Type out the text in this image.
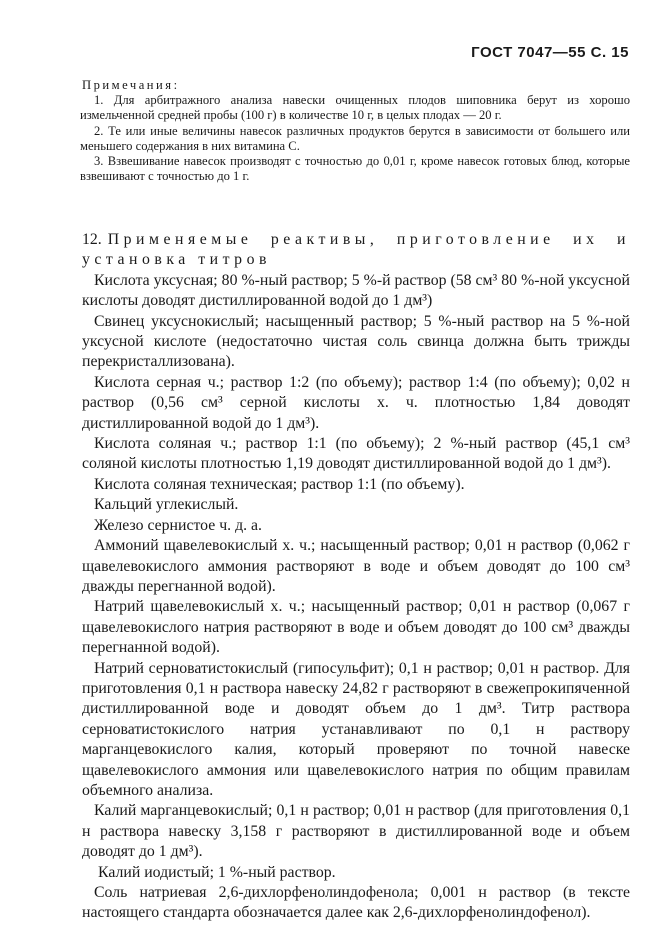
ГОСТ 7047—55 С. 15

Примечания:

1. Для арбитражного анализа навески очищенных плодов шиповника берут из хорошо измельченной средней пробы (100 г) в количестве 10 г, в целых плодах — 20 г.

2. Те или иные величины навесок различных продуктов берутся в зависимости от большего или меньшего содержания в них витамина С.

3. Взвешивание навесок производят с точностью до 0,01 г, кроме навесок готовых блюд, которые взвешивают с точностью до 1 г.

12. Применяемые реактивы, приготовление их и установка титров

Кислота уксусная; 80 %-ный раствор; 5 %-й раствор (58 см³ 80 %-ной уксусной кислоты доводят дистиллированной водой до 1 дм³)

Свинец уксуснокислый; насыщенный раствор; 5 %-ный раствор на 5 %-ной уксусной кислоте (недостаточно чистая соль свинца должна быть трижды перекристаллизована).

Кислота серная ч.; раствор 1:2 (по объему); раствор 1:4 (по объему); 0,02 н раствор (0,56 см³ серной кислоты х. ч. плотностью 1,84 доводят дистиллированной водой до 1 дм³).

Кислота соляная ч.; раствор 1:1 (по объему); 2 %-ный раствор (45,1 см³ соляной кислоты плотностью 1,19 доводят дистиллированной водой до 1 дм³).

Кислота соляная техническая; раствор 1:1 (по объему).

Кальций углекислый.

Железо сернистое ч. д. а.

Аммоний щавелевокислый х. ч.; насыщенный раствор; 0,01 н раствор (0,062 г щавелевокислого аммония растворяют в воде и объем доводят до 100 см³ дважды перегнанной водой).

Натрий щавелевокислый х. ч.; насыщенный раствор; 0,01 н раствор (0,067 г щавелевокислого натрия растворяют в воде и объем доводят до 100 см³ дважды перегнанной водой).

Натрий серноватистокислый (гипосульфит); 0,1 н раствор; 0,01 н раствор. Для приготовления 0,1 н раствора навеску 24,82 г растворяют в свежепрокипяченной дистиллированной воде и доводят объем до 1 дм³. Титр раствора серноватистокислого натрия устанавливают по 0,1 н раствору марганцевокислого калия, который проверяют по точной навеске щавелевокислого аммония или щавелевокислого натрия по общим правилам объемного анализа.

Калий марганцевокислый; 0,1 н раствор; 0,01 н раствор (для приготовления 0,1 н раствора навеску 3,158 г растворяют в дистиллированной воде и объем доводят до 1 дм³).

Калий иодистый; 1 %-ный раствор.

Соль натриевая 2,6-дихлорфенолиндофенола; 0,001 н раствор (в тексте настоящего стандарта обозначается далее как 2,6-дихлорфенолиндофенол).
